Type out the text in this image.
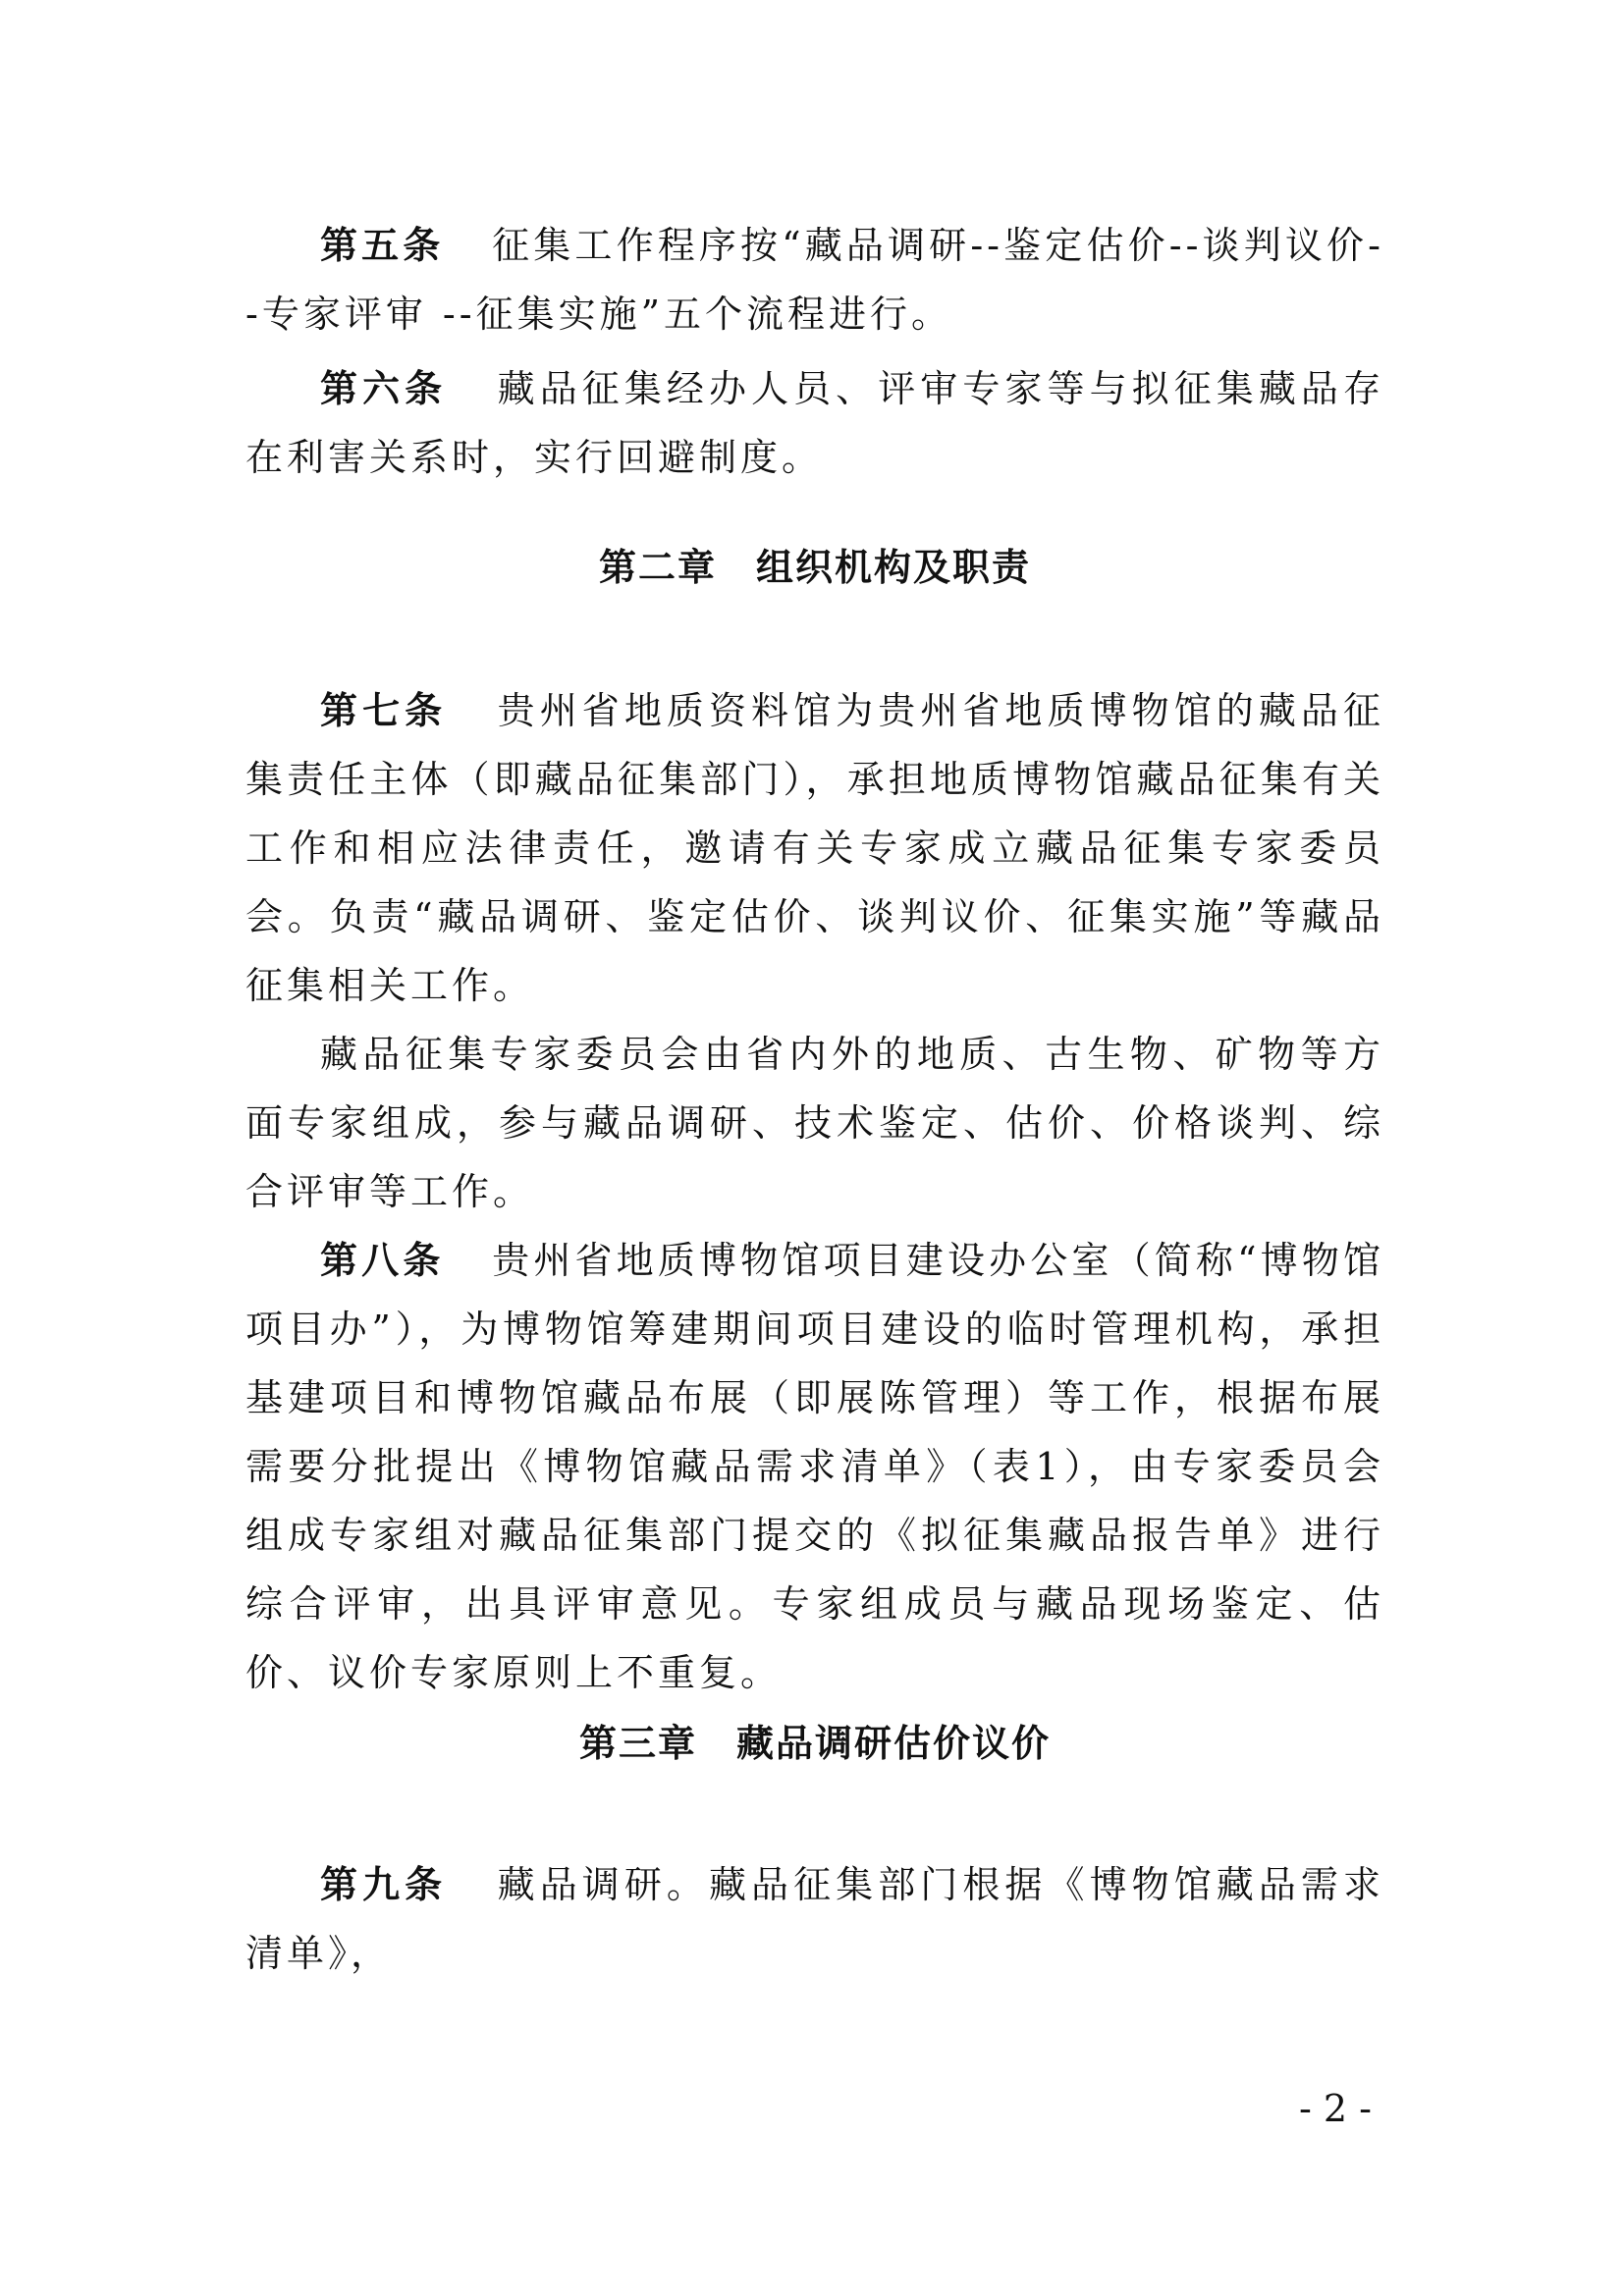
第五条 征集工作程序按“藏品调研--鉴定估价--谈判议价--专家评审 --征集实施”五个流程进行。

第六条 藏品征集经办人员、评审专家等与拟征集藏品存在利害关系时，实行回避制度。

第二章　组织机构及职责

第七条 贵州省地质资料馆为贵州省地质博物馆的藏品征集责任主体（即藏品征集部门），承担地质博物馆藏品征集有关工作和相应法律责任，邀请有关专家成立藏品征集专家委员会。负责“藏品调研、鉴定估价、谈判议价、征集实施”等藏品征集相关工作。

藏品征集专家委员会由省内外的地质、古生物、矿物等方面专家组成，参与藏品调研、技术鉴定、估价、价格谈判、综合评审等工作。

第八条 贵州省地质博物馆项目建设办公室（简称“博物馆项目办”），为博物馆筹建期间项目建设的临时管理机构，承担基建项目和博物馆藏品布展（即展陈管理）等工作，根据布展需要分批提出《博物馆藏品需求清单》（表1），由专家委员会组成专家组对藏品征集部门提交的《拟征集藏品报告单》进行综合评审，出具评审意见。专家组成员与藏品现场鉴定、估价、议价专家原则上不重复。

第三章　藏品调研估价议价

第九条 藏品调研。藏品征集部门根据《博物馆藏品需求清单》，

- 2 -
